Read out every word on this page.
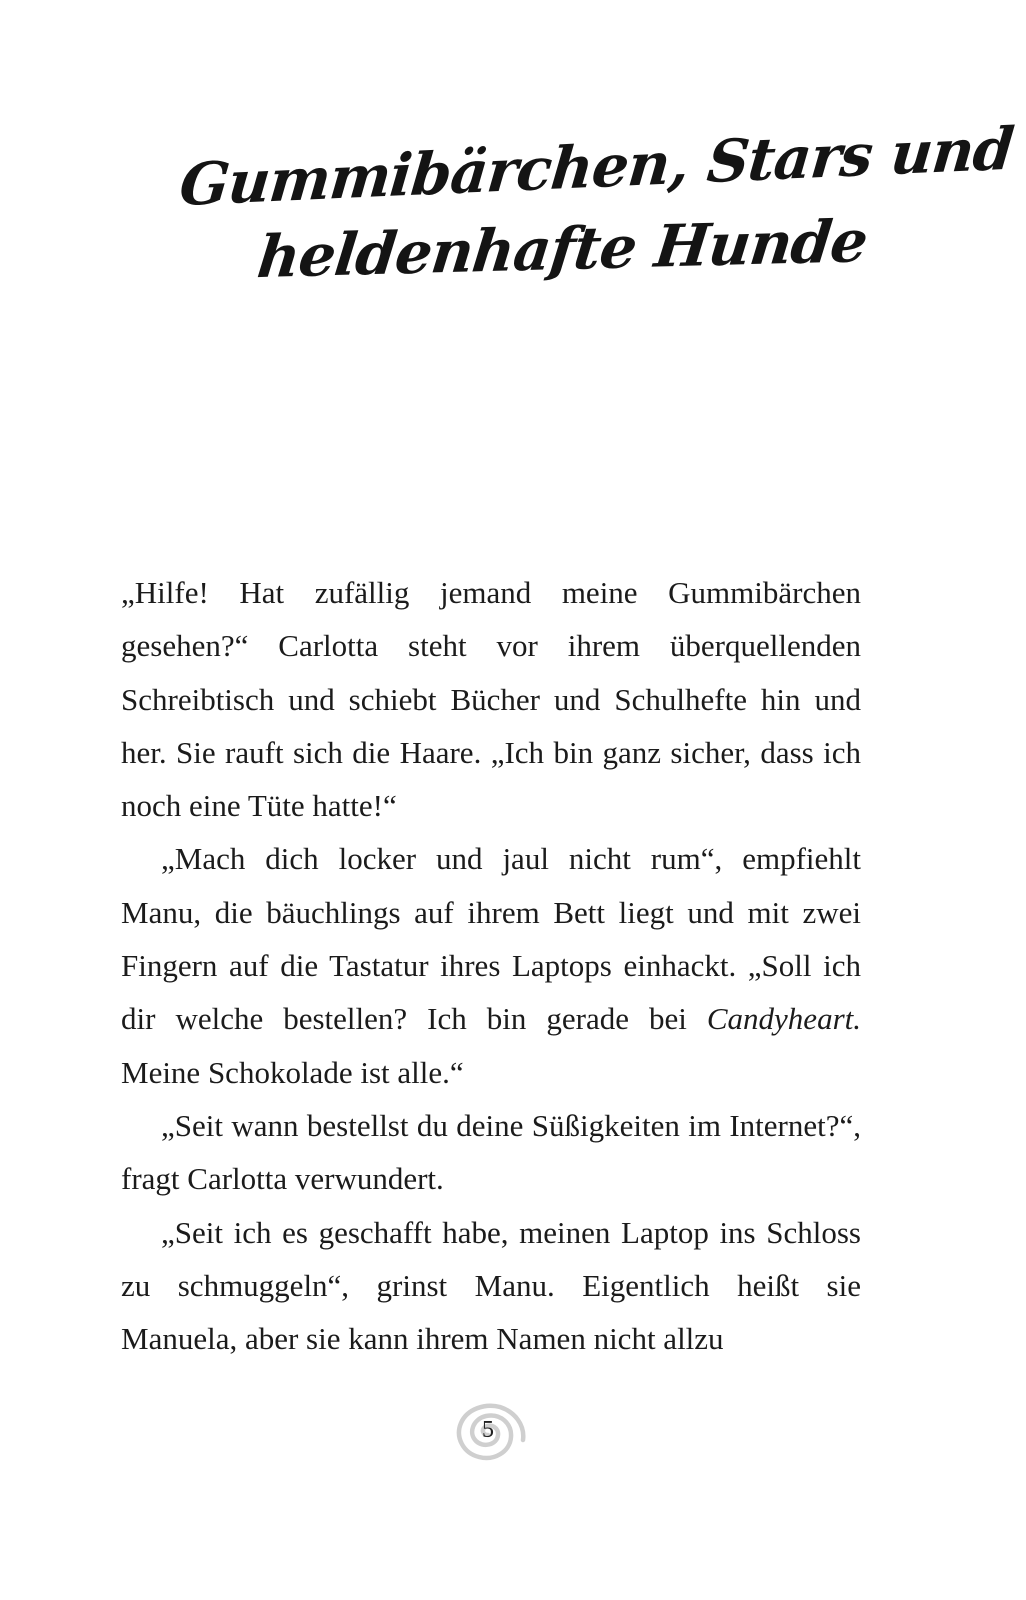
Gummibärchen, Stars und
heldenhafte Hunde

„Hilfe! Hat zufällig jemand meine Gummibärchen gesehen?“ Carlotta steht vor ihrem überquellenden Schreibtisch und schiebt Bücher und Schulhefte hin und her. Sie rauft sich die Haare. „Ich bin ganz sicher, dass ich noch eine Tüte hatte!“

„Mach dich locker und jaul nicht rum“, empfiehlt Manu, die bäuchlings auf ihrem Bett liegt und mit zwei Fingern auf die Tastatur ihres Laptops einhackt. „Soll ich dir welche bestellen? Ich bin gerade bei Candyheart. Meine Schokolade ist alle.“

„Seit wann bestellst du deine Süßigkeiten im Internet?“, fragt Carlotta verwundert.

„Seit ich es geschafft habe, meinen Laptop ins Schloss zu schmuggeln“, grinst Manu. Eigentlich heißt sie Manuela, aber sie kann ihrem Namen nicht allzu

5
